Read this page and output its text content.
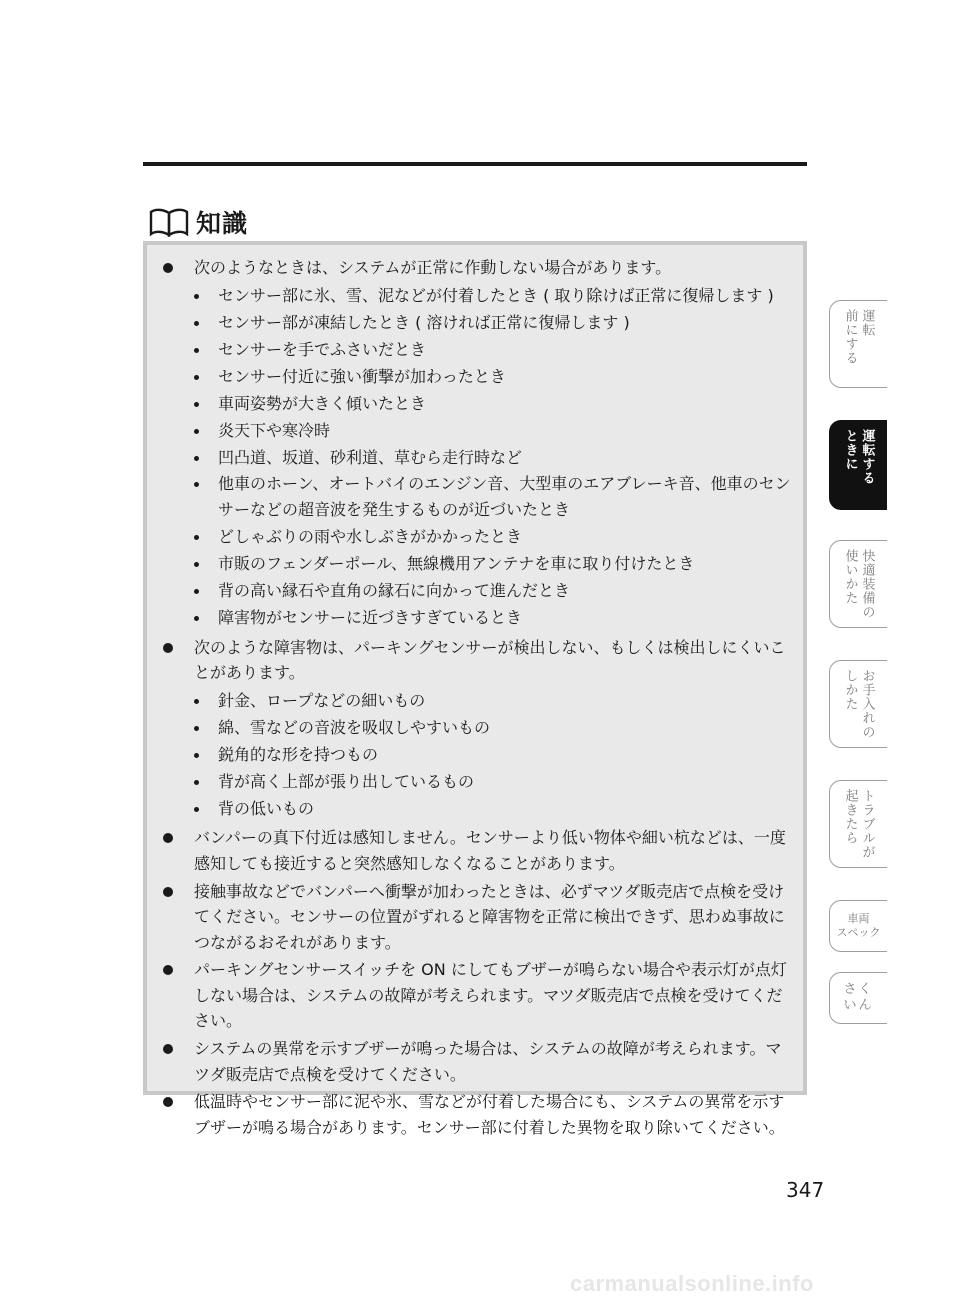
知識
次のようなときは、システムが正常に作動しない場合があります。
センサー部に氷、雪、泥などが付着したとき ( 取り除けば正常に復帰します )
センサー部が凍結したとき ( 溶ければ正常に復帰します )
センサーを手でふさいだとき
センサー付近に強い衝撃が加わったとき
車両姿勢が大きく傾いたとき
炎天下や寒冷時
凹凸道、坂道、砂利道、草むら走行時など
他車のホーン、オートバイのエンジン音、大型車のエアブレーキ音、他車のセンサーなどの超音波を発生するものが近づいたとき
どしゃぶりの雨や水しぶきがかかったとき
市販のフェンダーポール、無線機用アンテナを車に取り付けたとき
背の高い縁石や直角の縁石に向かって進んだとき
障害物がセンサーに近づきすぎているとき
次のような障害物は、パーキングセンサーが検出しない、もしくは検出しにくいことがあります。
針金、ロープなどの細いもの
綿、雪などの音波を吸収しやすいもの
鋭角的な形を持つもの
背が高く上部が張り出しているもの
背の低いもの
バンパーの真下付近は感知しません。センサーより低い物体や細い杭などは、一度感知しても接近すると突然感知しなくなることがあります。
接触事故などでバンパーへ衝撃が加わったときは、必ずマツダ販売店で点検を受けてください。センサーの位置がずれると障害物を正常に検出できず、思わぬ事故につながるおそれがあります。
パーキングセンサースイッチを ON にしてもブザーが鳴らない場合や表示灯が点灯しない場合は、システムの故障が考えられます。マツダ販売店で点検を受けてください。
システムの異常を示すブザーが鳴った場合は、システムの故障が考えられます。マツダ販売店で点検を受けてください。
低温時やセンサー部に泥や氷、雪などが付着した場合にも、システムの異常を示すブザーが鳴る場合があります。センサー部に付着した異物を取り除いてください。
運転
前にする
運転する
ときに
快適装備の
使いかた
お手入れの
しかた
トラブルが
起きたら
車両
スペック
さく
いん
347
carmanualsonline.info
